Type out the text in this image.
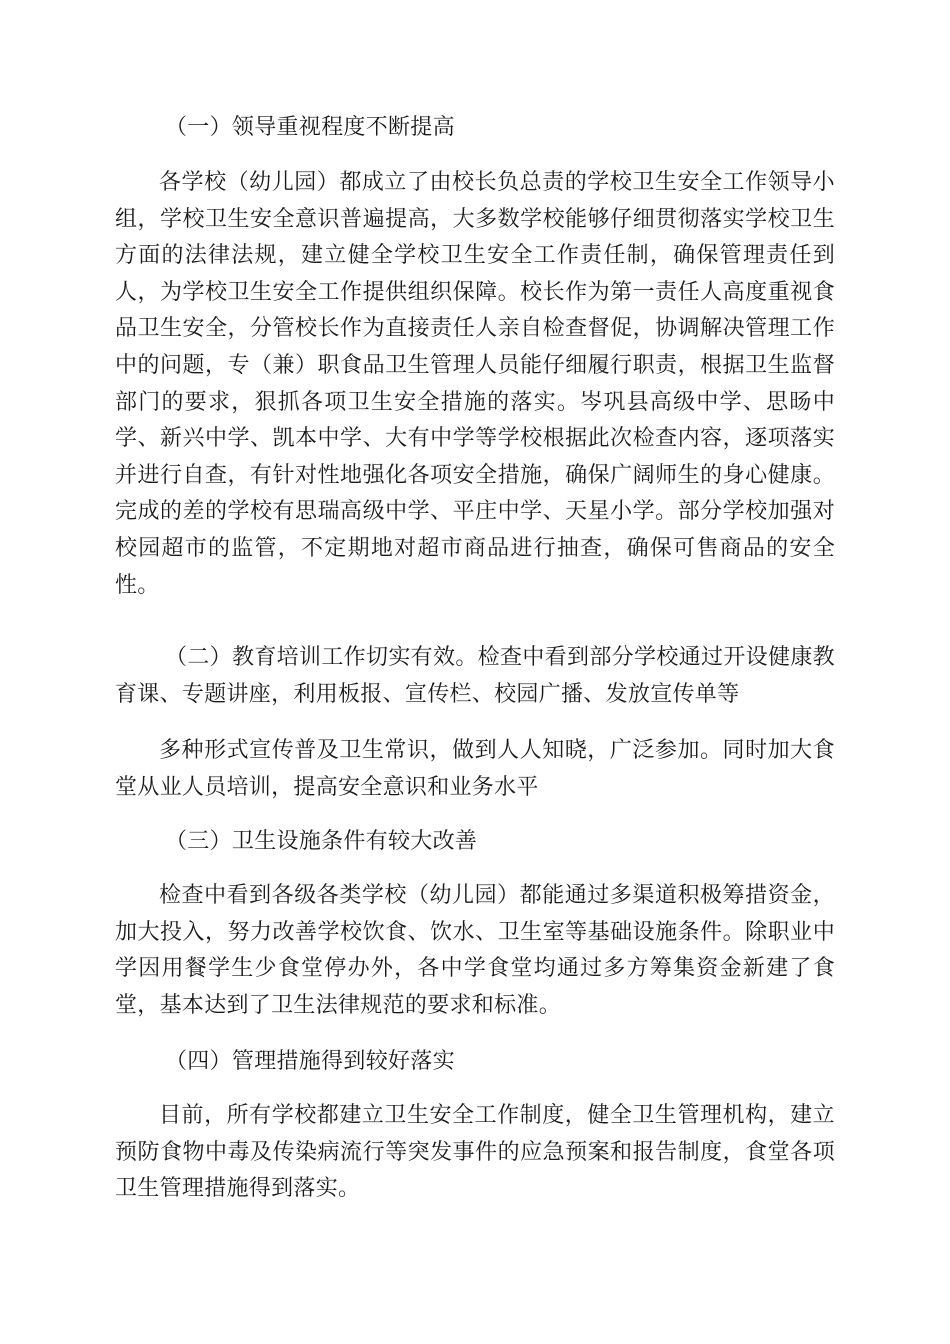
（一）领导重视程度不断提高

各学校（幼儿园）都成立了由校长负总责的学校卫生安全工作领导小组，学校卫生安全意识普遍提高，大多数学校能够仔细贯彻落实学校卫生方面的法律法规，建立健全学校卫生安全工作责任制，确保管理责任到人，为学校卫生安全工作提供组织保障。校长作为第一责任人高度重视食品卫生安全，分管校长作为直接责任人亲自检查督促，协调解决管理工作中的问题，专（兼）职食品卫生管理人员能仔细履行职责，根据卫生监督部门的要求，狠抓各项卫生安全措施的落实。岑巩县高级中学、思旸中学、新兴中学、凯本中学、大有中学等学校根据此次检查内容，逐项落实并进行自查，有针对性地强化各项安全措施，确保广阔师生的身心健康。完成的差的学校有思瑞高级中学、平庄中学、天星小学。部分学校加强对校园超市的监管，不定期地对超市商品进行抽查，确保可售商品的安全性。

（二）教育培训工作切实有效。检查中看到部分学校通过开设健康教育课、专题讲座，利用板报、宣传栏、校园广播、发放宣传单等

多种形式宣传普及卫生常识，做到人人知晓，广泛参加。同时加大食堂从业人员培训，提高安全意识和业务水平

（三）卫生设施条件有较大改善

检查中看到各级各类学校（幼儿园）都能通过多渠道积极筹措资金，加大投入，努力改善学校饮食、饮水、卫生室等基础设施条件。除职业中学因用餐学生少食堂停办外，各中学食堂均通过多方筹集资金新建了食堂，基本达到了卫生法律规范的要求和标准。

（四）管理措施得到较好落实

目前，所有学校都建立卫生安全工作制度，健全卫生管理机构，建立预防食物中毒及传染病流行等突发事件的应急预案和报告制度，食堂各项卫生管理措施得到落实。
